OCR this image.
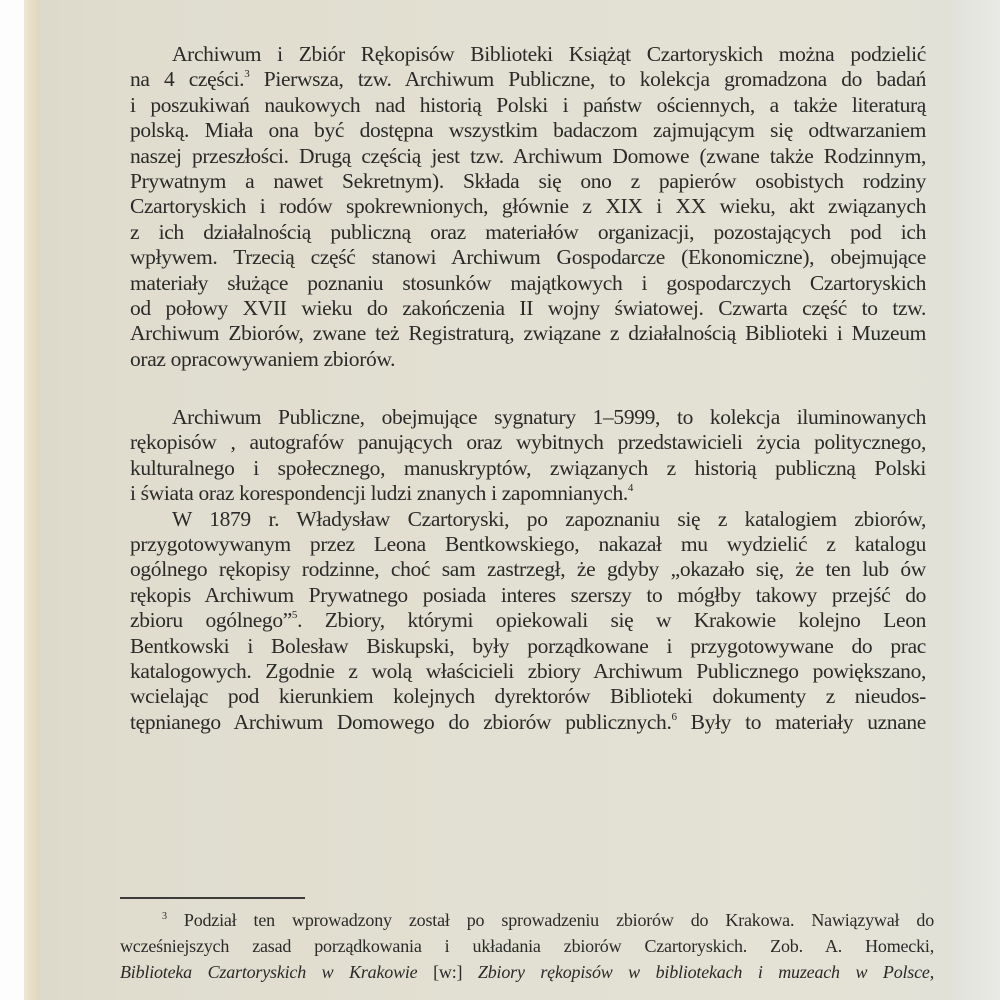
Archiwum i Zbiór Rękopisów Biblioteki Książąt Czartoryskich można podzielić
na 4 części.$^3$ Pierwsza, tzw. Archiwum Publiczne, to kolekcja gromadzona do badań
i poszukiwań naukowych nad historią Polski i państw ościennych, a także literaturą
polską. Miała ona być dostępna wszystkim badaczom zajmującym się odtwarzaniem
naszej przeszłości. Drugą częścią jest tzw. Archiwum Domowe (zwane także Rodzinnym,
Prywatnym a nawet Sekretnym). Składa się ono z papierów osobistych rodziny
Czartoryskich i rodów spokrewnionych, głównie z XIX i XX wieku, akt związanych
z ich działalnością publiczną oraz materiałów organizacji, pozostających pod ich
wpływem. Trzecią część stanowi Archiwum Gospodarcze (Ekonomiczne), obejmujące
materiały służące poznaniu stosunków majątkowych i gospodarczych Czartoryskich
od połowy XVII wieku do zakończenia II wojny światowej. Czwarta część to tzw.
Archiwum Zbiorów, zwane też Registraturą, związane z działalnością Biblioteki i Muzeum
oraz opracowywaniem zbiorów.
Archiwum Publiczne, obejmujące sygnatury 1–5999, to kolekcja iluminowanych
rękopisów , autografów panujących oraz wybitnych przedstawicieli życia politycznego,
kulturalnego i społecznego, manuskryptów, związanych z historią publiczną Polski
i świata oraz korespondencji ludzi znanych i zapomnianych.$^4$
W 1879 r. Władysław Czartoryski, po zapoznaniu się z katalogiem zbiorów,
przygotowywanym przez Leona Bentkowskiego, nakazał mu wydzielić z katalogu
ogólnego rękopisy rodzinne, choć sam zastrzegł, że gdyby „okazało się, że ten lub ów
rękopis Archiwum Prywatnego posiada interes szerszy to mógłby takowy przejść do
zbioru ogólnego”$^5$. Zbiory, którymi opiekowali się w Krakowie kolejno Leon
Bentkowski i Bolesław Biskupski, były porządkowane i przygotowywane do prac
katalogowych. Zgodnie z wolą właścicieli zbiory Archiwum Publicznego powiększano,
wcielając pod kierunkiem kolejnych dyrektorów Biblioteki dokumenty z nieudos-
tępnianego Archiwum Domowego do zbiorów publicznych.$^6$ Były to materiały uznane
$^3$ Podział ten wprowadzony został po sprowadzeniu zbiorów do Krakowa. Nawiązywał do
wcześniejszych zasad porządkowania i układania zbiorów Czartoryskich. Zob. A. Homecki,
Biblioteka Czartoryskich w Krakowie [w:] Zbiory rękopisów w bibliotekach i muzeach w Polsce,
